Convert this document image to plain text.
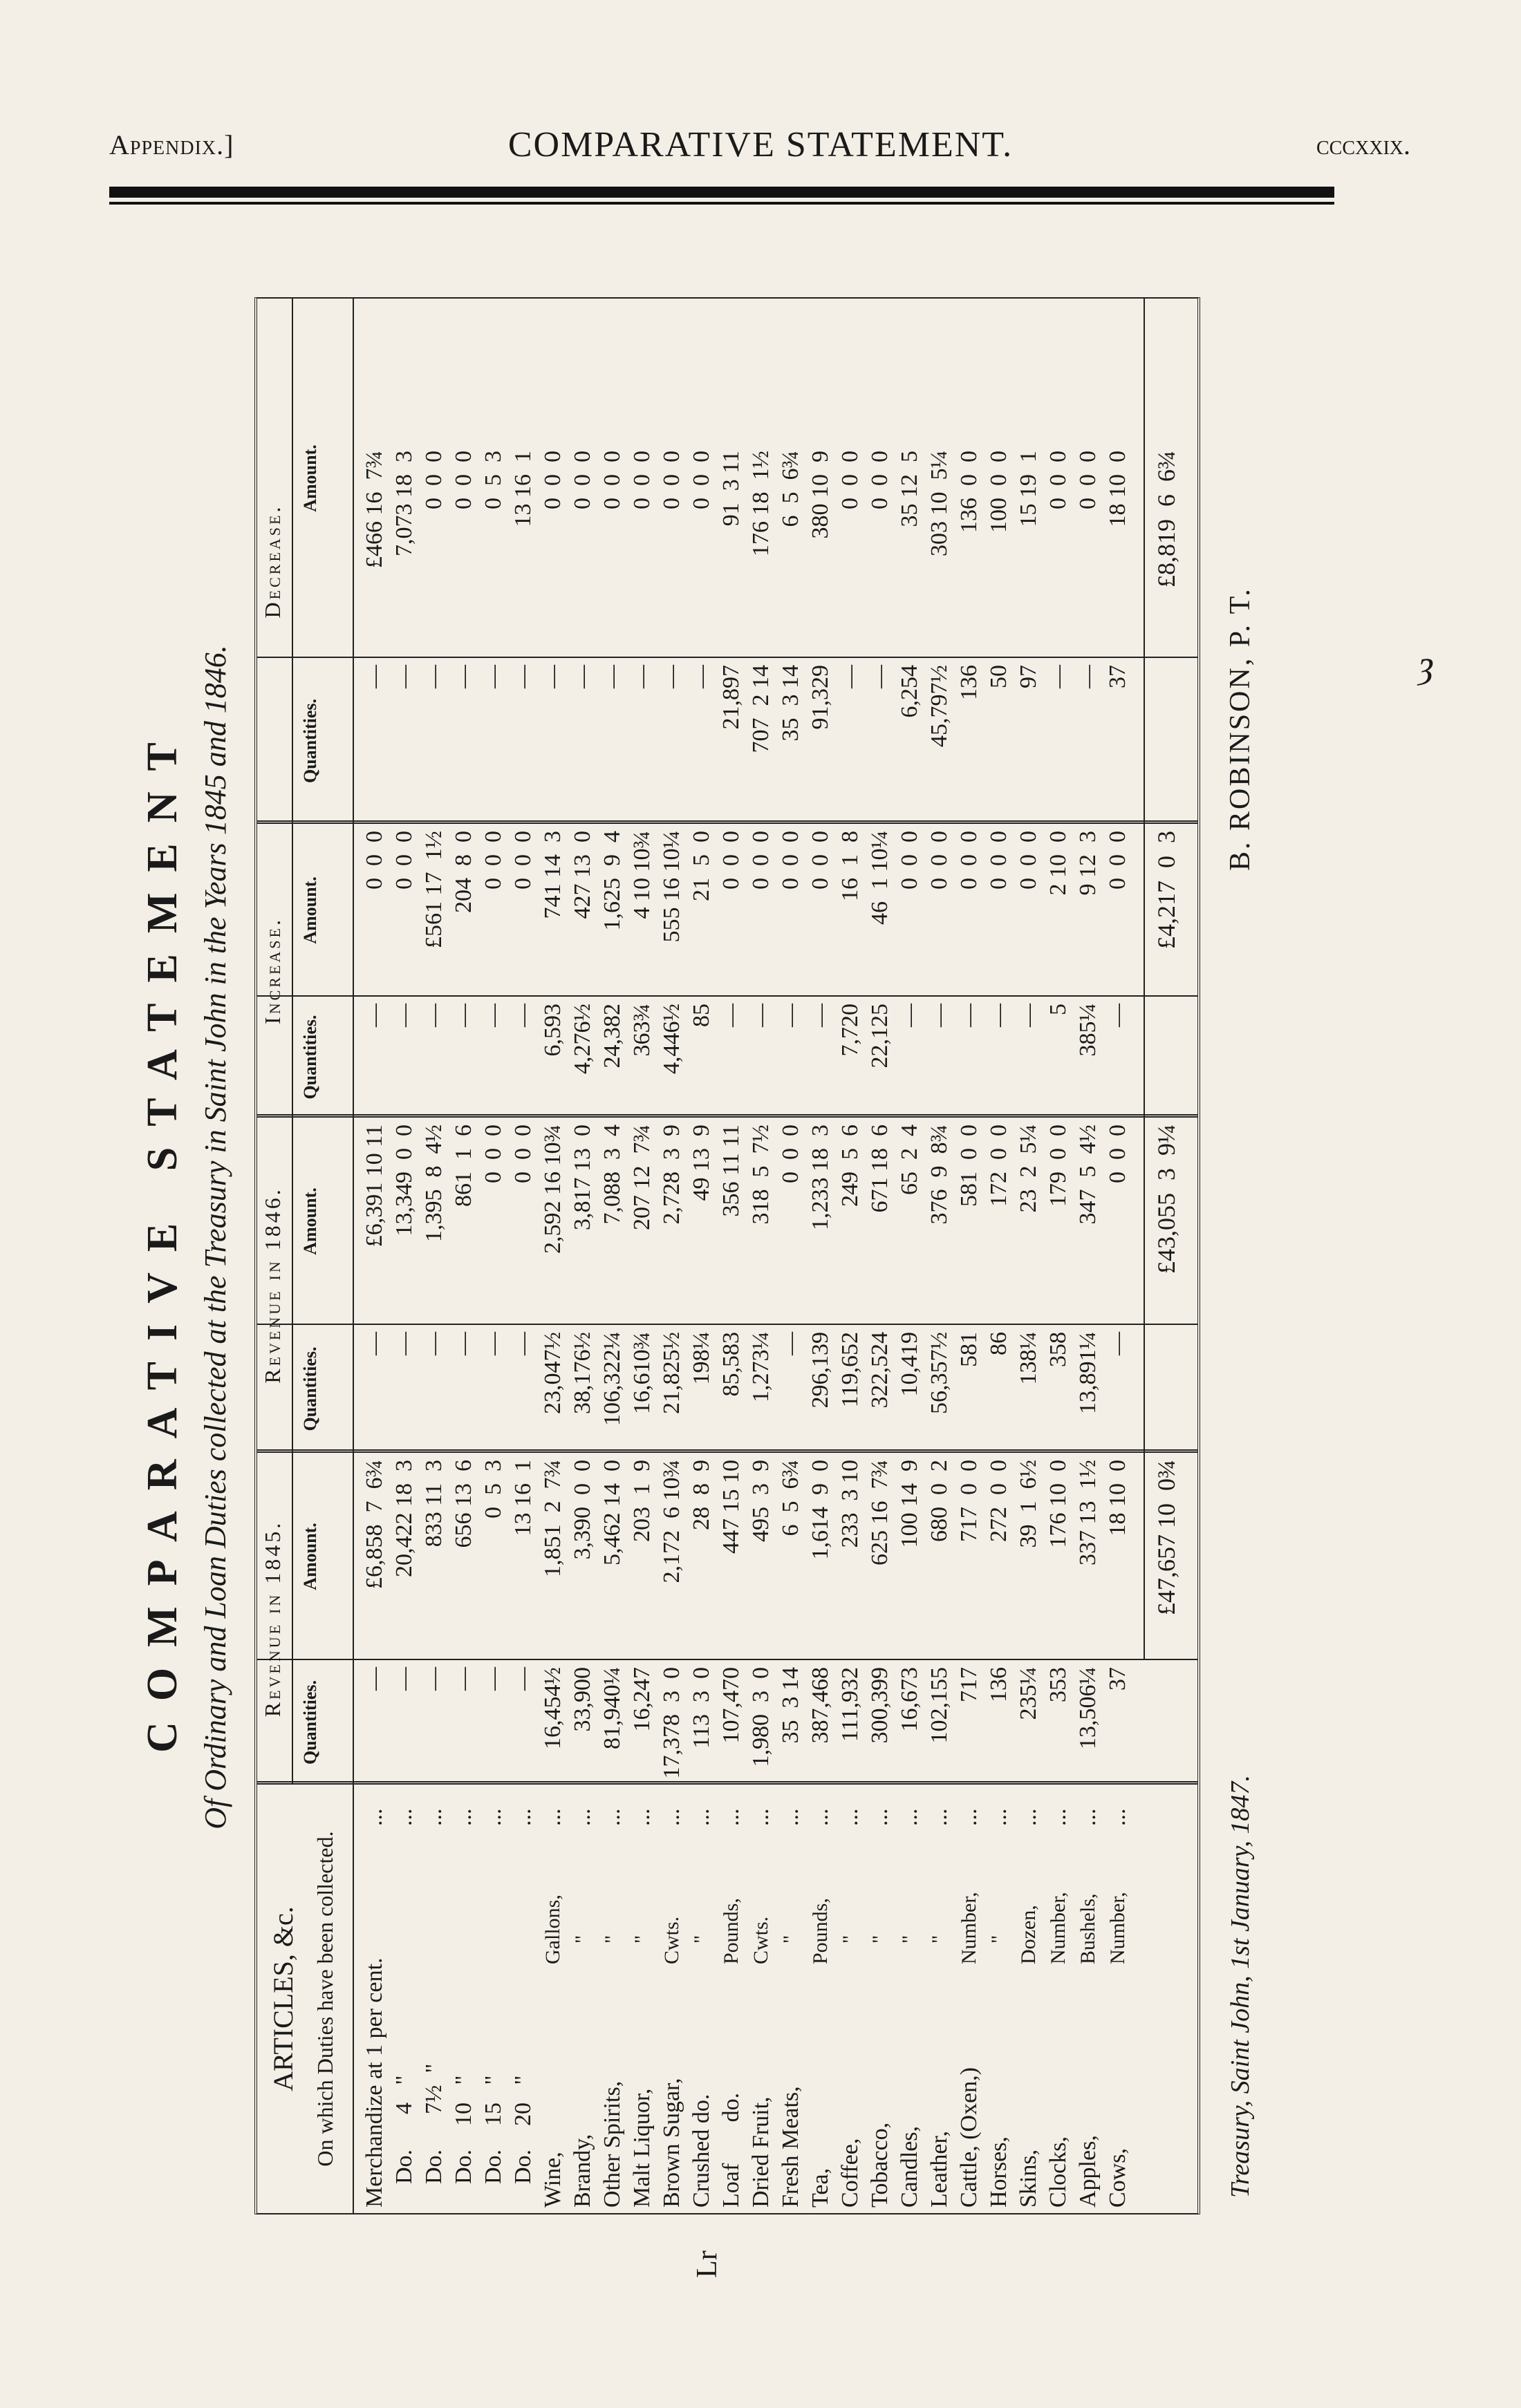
Appendix.]	COMPARATIVE STATEMENT.	cccxxix.
ȝ
Lr
COMPARATIVE STATEMENT Of Ordinary and Loan Duties collected at the Treasury in Saint John in the Years 1845 and 1846.
ARTICLES, &c. On which Duties have been collected.
Revenue in 1845.
Revenue in 1846.
Increase.
Decrease.
Quantities.
Amount.
Quantities.
Amount.
Quantities.
Amount.
Quantities.
Amount.
Merchandize at 1 per cent.
...
—
£6,858  7  6¾
—
£6,391 10 11
—
0  0  0
—
£466 16  7¾
Do.      4   "
...
—
20,422 18  3
—
13,349  0  0
—
0  0  0
—
7,073 18  3
Do.      7½  "
...
—
833 11  3
—
1,395  8  4½
—
£561 17  1½
—
0  0  0
Do.    10   "
...
—
656 13  6
—
861  1  6
—
204  8  0
—
0  0  0
Do.    15   "
...
—
0  5  3
—
0  0  0
—
0  0  0
—
0  5  3
Do.    20   "
...
—
13 16  1
—
0  0  0
—
0  0  0
—
13 16  1
Wine,
Gallons,
...
16,454½
1,851  2  7¾
23,047½
2,592 16 10¾
6,593
741 14  3
—
0  0  0
Brandy,
"
...
33,900
3,390  0  0
38,176½
3,817 13  0
4,276½
427 13  0
—
0  0  0
Other Spirits,
"
...
81,940¼
5,462 14  0
106,322¼
7,088  3  4
24,382
1,625  9  4
—
0  0  0
Malt Liquor,
"
...
16,247
203  1  9
16,610¾
207 12  7¾
363¾
4 10 10¾
—
0  0  0
Brown Sugar,
Cwts.
...
17,378  3  0
2,172  6 10¾
21,825½
2,728  3  9
4,446½
555 16 10¼
—
0  0  0
Crushed do.
"
...
113  3  0
28  8  9
198¼
49 13  9
85
21  5  0
—
0  0  0
Loaf       do.
Pounds,
...
107,470
447 15 10
85,583
356 11 11
—
0  0  0
21,897
91  3 11
Dried Fruit,
Cwts.
...
1,980  3  0
495  3  9
1,273¼
318  5  7½
—
0  0  0
707  2 14
176 18  1½
Fresh Meats,
"
...
35  3 14
6  5  6¾
—
0  0  0
—
0  0  0
35  3 14
6  5  6¾
Tea,
Pounds,
...
387,468
1,614  9  0
296,139
1,233 18  3
—
0  0  0
91,329
380 10  9
Coffee,
"
...
111,932
233  3 10
119,652
249  5  6
7,720
16  1  8
—
0  0  0
Tobacco,
"
...
300,399
625 16  7¾
322,524
671 18  6
22,125
46  1 10¼
—
0  0  0
Candles,
"
...
16,673
100 14  9
10,419
65  2  4
—
0  0  0
6,254
35 12  5
Leather,
"
...
102,155
680  0  2
56,357½
376  9  8¾
—
0  0  0
45,797½
303 10  5¼
Cattle, (Oxen,)
Number,
...
717
717  0  0
581
581  0  0
—
0  0  0
136
136  0  0
Horses,
"
...
136
272  0  0
86
172  0  0
—
0  0  0
50
100  0  0
Skins,
Dozen,
...
235¼
39  1  6½
138¼
23  2  5¼
—
0  0  0
97
15 19  1
Clocks,
Number,
...
353
176 10  0
358
179  0  0
5
2 10  0
—
0  0  0
Apples,
Bushels,
...
13,506¼
337 13  1½
13,891¼
347  5  4½
385¼
9 12  3
—
0  0  0
Cows,
Number,
...
37
18 10  0
—
0  0  0
—
0  0  0
37
18 10  0
£47,657 10  0¾
£43,055  3  9¼
£4,217  0  3
£8,819  6  6¾
Treasury, Saint John, 1st January, 1847.
B. ROBINSON, P. T.
